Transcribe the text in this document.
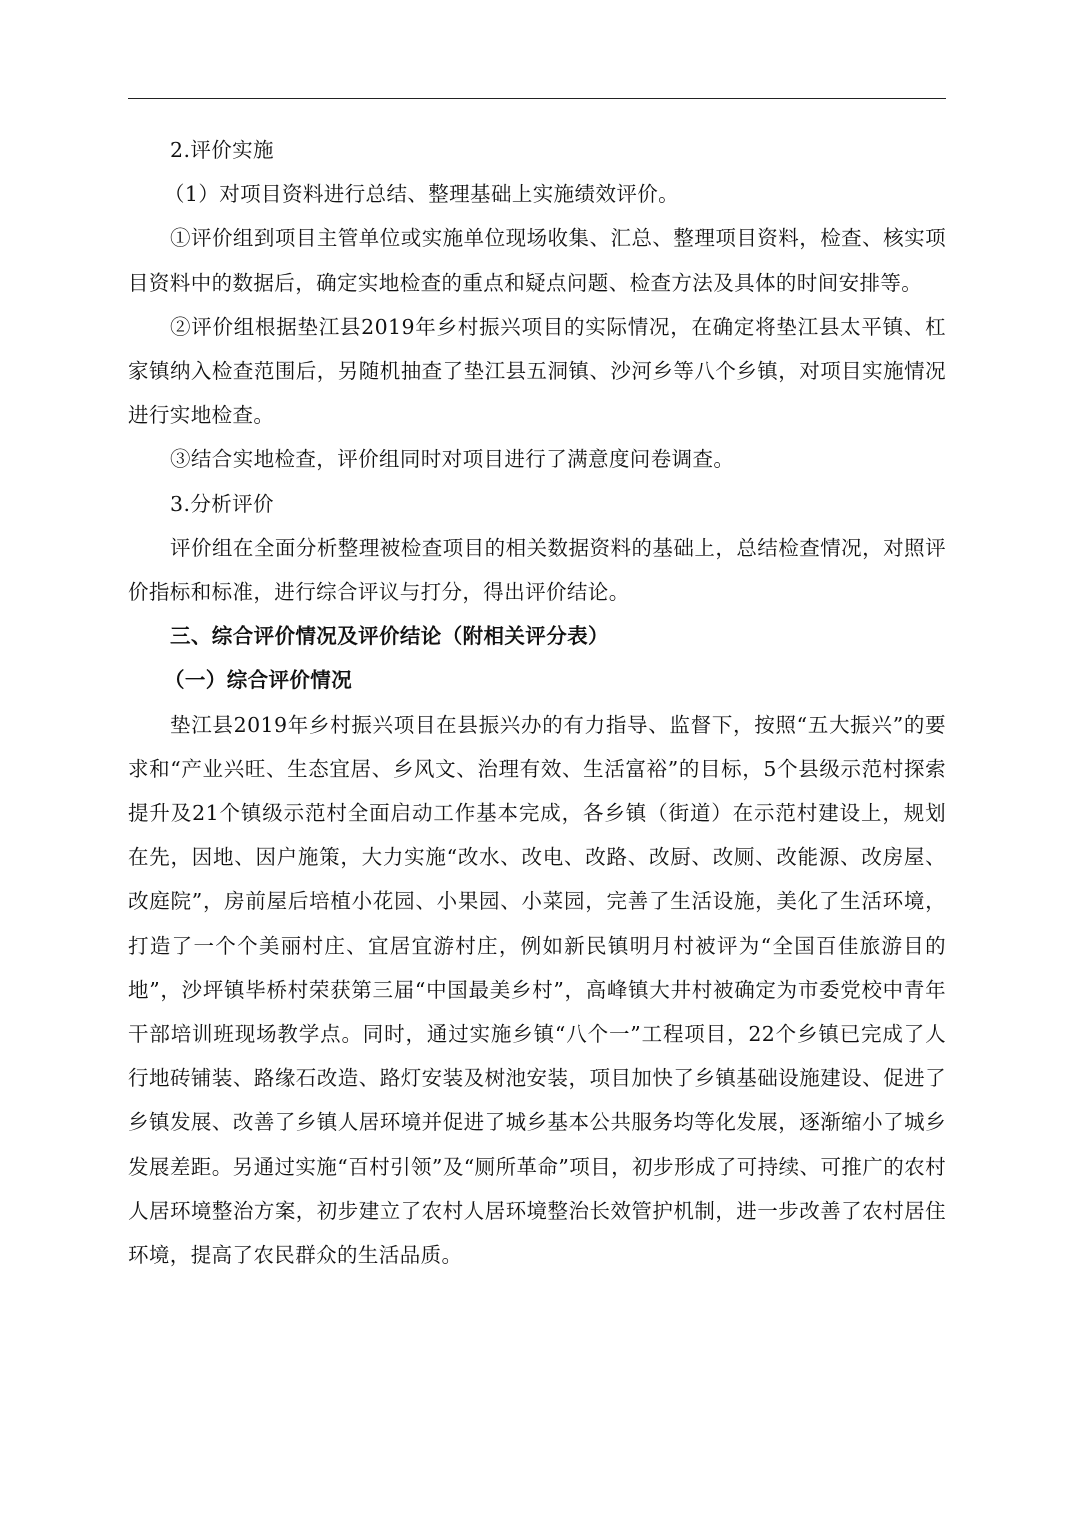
2.评价实施

（1）对项目资料进行总结、整理基础上实施绩效评价。

①评价组到项目主管单位或实施单位现场收集、汇总、整理项目资料，检查、核实项目资料中的数据后，确定实地检查的重点和疑点问题、检查方法及具体的时间安排等。

②评价组根据垫江县2019年乡村振兴项目的实际情况，在确定将垫江县太平镇、杠家镇纳入检查范围后，另随机抽查了垫江县五洞镇、沙河乡等八个乡镇，对项目实施情况进行实地检查。

③结合实地检查，评价组同时对项目进行了满意度问卷调查。

3.分析评价

评价组在全面分析整理被检查项目的相关数据资料的基础上，总结检查情况，对照评价指标和标准，进行综合评议与打分，得出评价结论。

三、综合评价情况及评价结论（附相关评分表）

（一）综合评价情况

垫江县2019年乡村振兴项目在县振兴办的有力指导、监督下，按照“五大振兴”的要求和“产业兴旺、生态宜居、乡风文、治理有效、生活富裕”的目标，5个县级示范村探索提升及21个镇级示范村全面启动工作基本完成，各乡镇（街道）在示范村建设上，规划在先，因地、因户施策，大力实施“改水、改电、改路、改厨、改厕、改能源、改房屋、改庭院”，房前屋后培植小花园、小果园、小菜园，完善了生活设施，美化了生活环境，打造了一个个美丽村庄、宜居宜游村庄，例如新民镇明月村被评为“全国百佳旅游目的地”，沙坪镇毕桥村荣获第三届“中国最美乡村”，高峰镇大井村被确定为市委党校中青年干部培训班现场教学点。同时，通过实施乡镇“八个一”工程项目，22个乡镇已完成了人行地砖铺装、路缘石改造、路灯安装及树池安装，项目加快了乡镇基础设施建设、促进了乡镇发展、改善了乡镇人居环境并促进了城乡基本公共服务均等化发展，逐渐缩小了城乡发展差距。另通过实施“百村引领”及“厕所革命”项目，初步形成了可持续、可推广的农村人居环境整治方案，初步建立了农村人居环境整治长效管护机制，进一步改善了农村居住环境，提高了农民群众的生活品质。
